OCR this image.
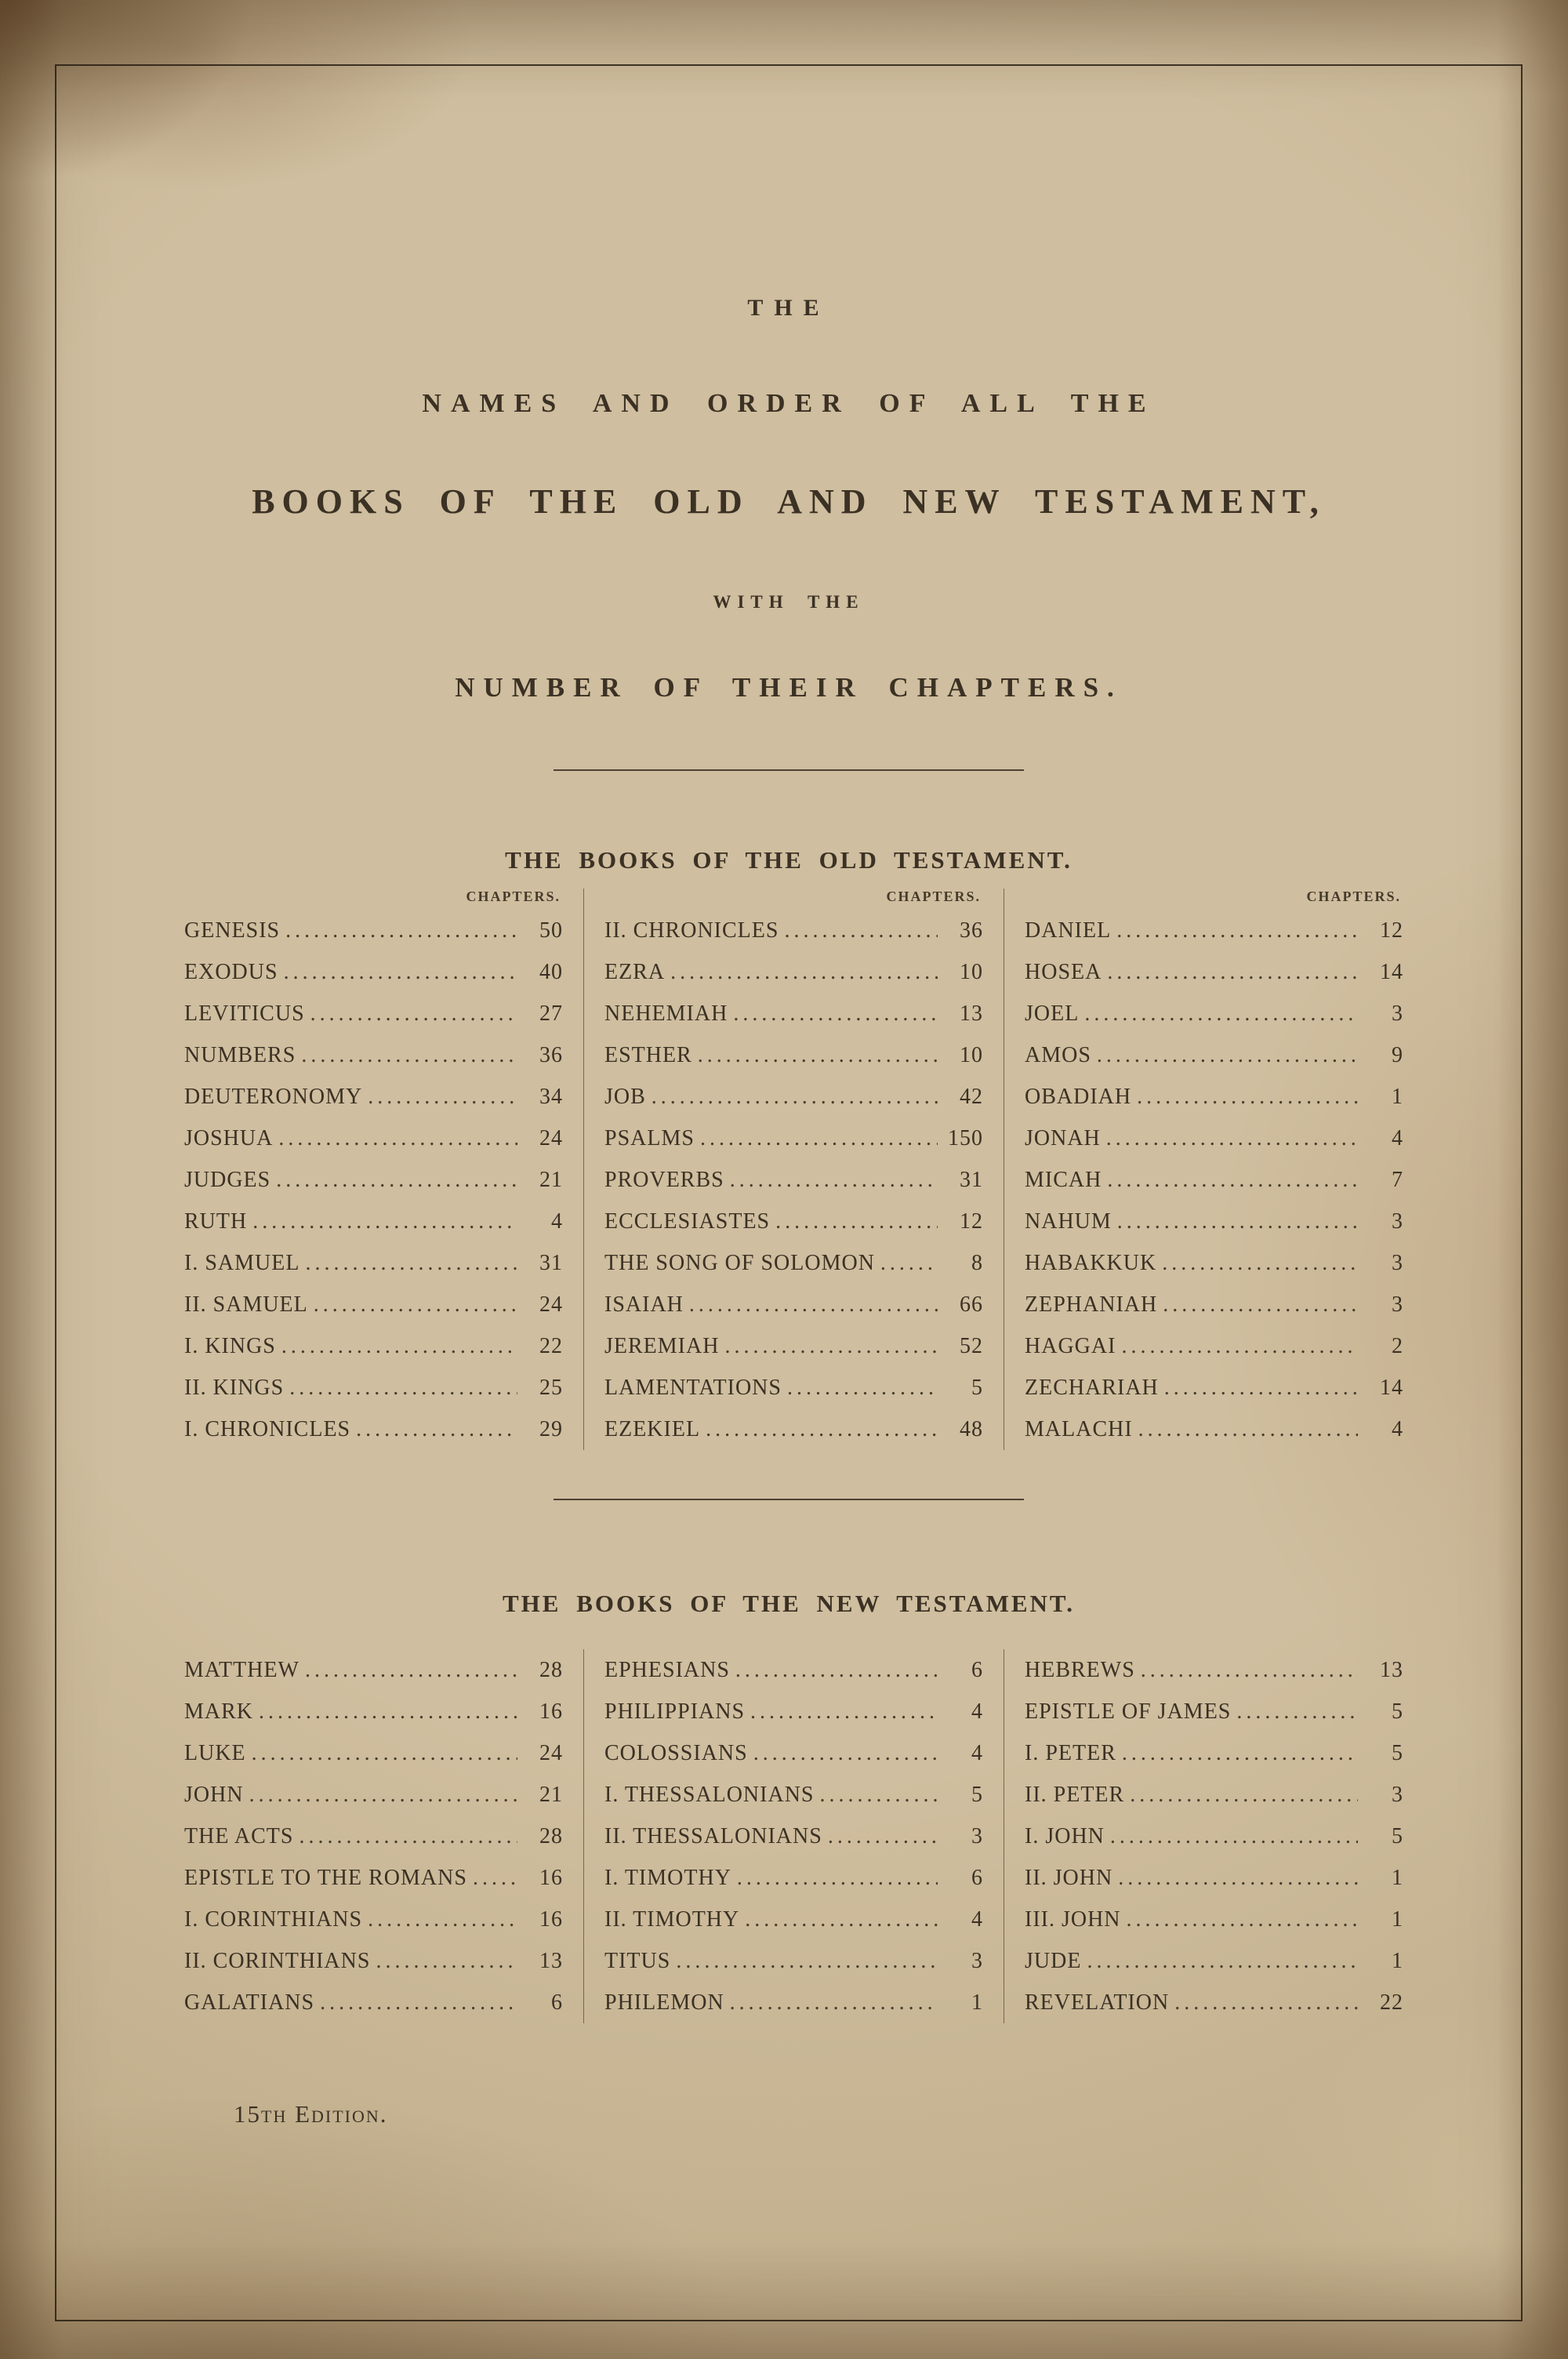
THE
NAMES AND ORDER OF ALL THE
BOOKS OF THE OLD AND NEW TESTAMENT,
WITH THE
NUMBER OF THEIR CHAPTERS.
THE BOOKS OF THE OLD TESTAMENT.
CHAPTERS.
GENESIS .....	50
EXODUS .....	40
LEVITICUS .....	27
NUMBERS .....	36
DEUTERONOMY .....	34
JOSHUA .....	24
JUDGES .....	21
RUTH .....	4
I. SAMUEL .....	31
II. SAMUEL .....	24
I. KINGS .....	22
II. KINGS .....	25
I. CHRONICLES .....	29
CHAPTERS.
II. CHRONICLES .....	36
EZRA .....	10
NEHEMIAH .....	13
ESTHER .....	10
JOB .....	42
PSALMS .....	150
PROVERBS .....	31
ECCLESIASTES .....	12
THE SONG OF SOLOMON .....	8
ISAIAH .....	66
JEREMIAH .....	52
LAMENTATIONS .....	5
EZEKIEL .....	48
CHAPTERS.
DANIEL .....	12
HOSEA .....	14
JOEL .....	3
AMOS .....	9
OBADIAH .....	1
JONAH .....	4
MICAH .....	7
NAHUM .....	3
HABAKKUK .....	3
ZEPHANIAH .....	3
HAGGAI .....	2
ZECHARIAH .....	14
MALACHI .....	4
THE BOOKS OF THE NEW TESTAMENT.
MATTHEW .....	28
MARK .....	16
LUKE .....	24
JOHN .....	21
THE ACTS .....	28
EPISTLE TO THE ROMANS .....	16
I. CORINTHIANS .....	16
II. CORINTHIANS .....	13
GALATIANS .....	6
EPHESIANS .....	6
PHILIPPIANS .....	4
COLOSSIANS .....	4
I. THESSALONIANS .....	5
II. THESSALONIANS .....	3
I. TIMOTHY .....	6
II. TIMOTHY .....	4
TITUS .....	3
PHILEMON .....	1
HEBREWS .....	13
EPISTLE OF JAMES .....	5
I. PETER .....	5
II. PETER .....	3
I. JOHN .....	5
II. JOHN .....	1
III. JOHN .....	1
JUDE .....	1
REVELATION .....	22
15th Edition.
